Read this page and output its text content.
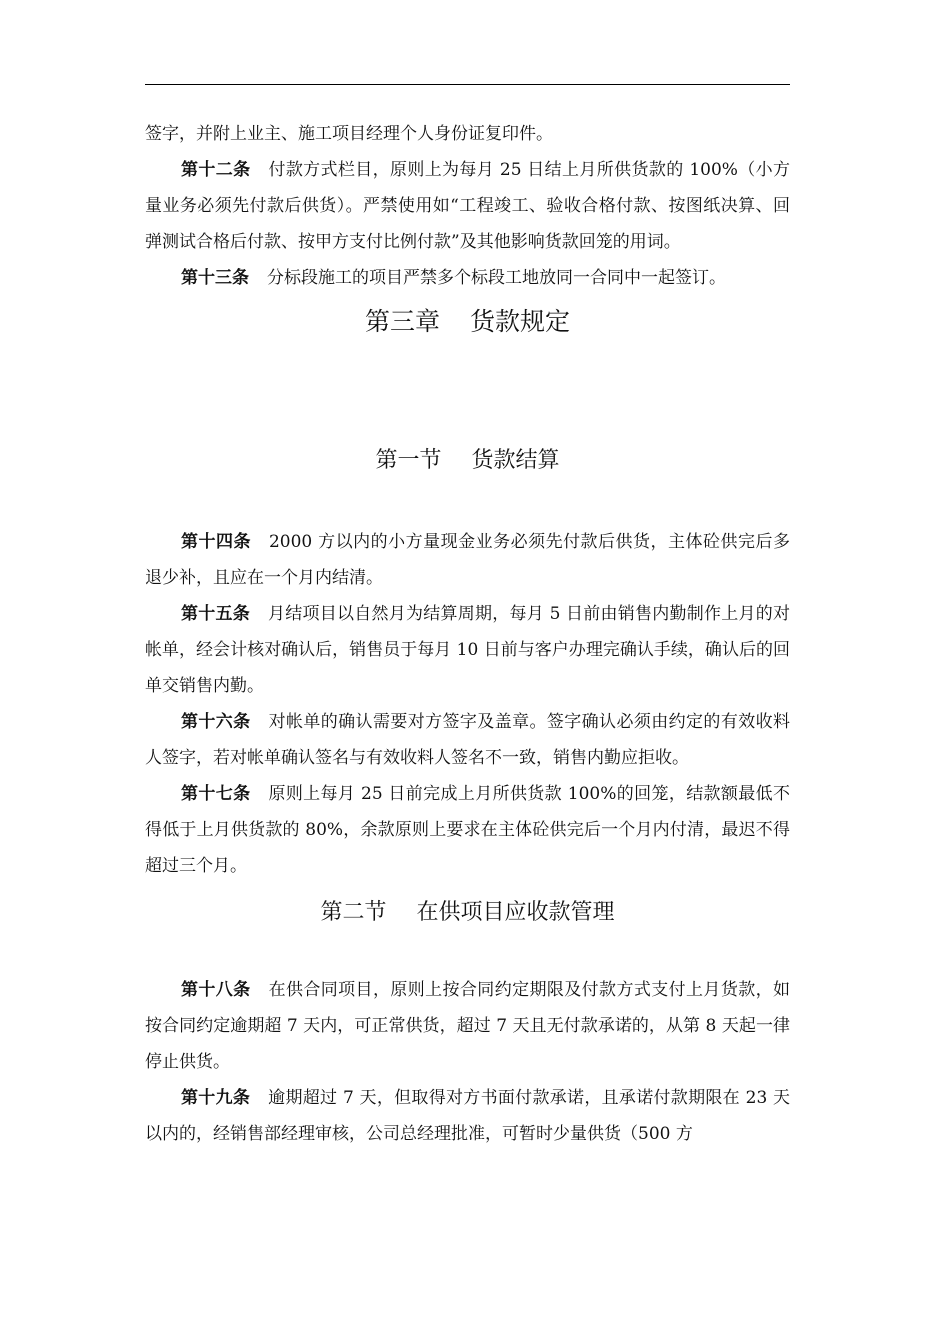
签字，并附上业主、施工项目经理个人身份证复印件。

第十二条 付款方式栏目，原则上为每月 25 日结上月所供货款的 100%（小方量业务必须先付款后供货）。严禁使用如“工程竣工、验收合格付款、按图纸决算、回弹测试合格后付款、按甲方支付比例付款”及其他影响货款回笼的用词。

第十三条 分标段施工的项目严禁多个标段工地放同一合同中一起签订。

第三章 货款规定
第一节 货款结算

第十四条 2000 方以内的小方量现金业务必须先付款后供货，主体砼供完后多退少补，且应在一个月内结清。

第十五条 月结项目以自然月为结算周期，每月 5 日前由销售内勤制作上月的对帐单，经会计核对确认后，销售员于每月 10 日前与客户办理完确认手续，确认后的回单交销售内勤。

第十六条 对帐单的确认需要对方签字及盖章。签字确认必须由约定的有效收料人签字，若对帐单确认签名与有效收料人签名不一致，销售内勤应拒收。

第十七条 原则上每月 25 日前完成上月所供货款 100%的回笼，结款额最低不得低于上月供货款的 80%，余款原则上要求在主体砼供完后一个月内付清，最迟不得超过三个月。

第二节 在供项目应收款管理

第十八条 在供合同项目，原则上按合同约定期限及付款方式支付上月货款，如按合同约定逾期超 7 天内，可正常供货，超过 7 天且无付款承诺的，从第 8 天起一律停止供货。

第十九条 逾期超过 7 天，但取得对方书面付款承诺，且承诺付款期限在 23 天以内的，经销售部经理审核，公司总经理批准，可暂时少量供货（500 方
